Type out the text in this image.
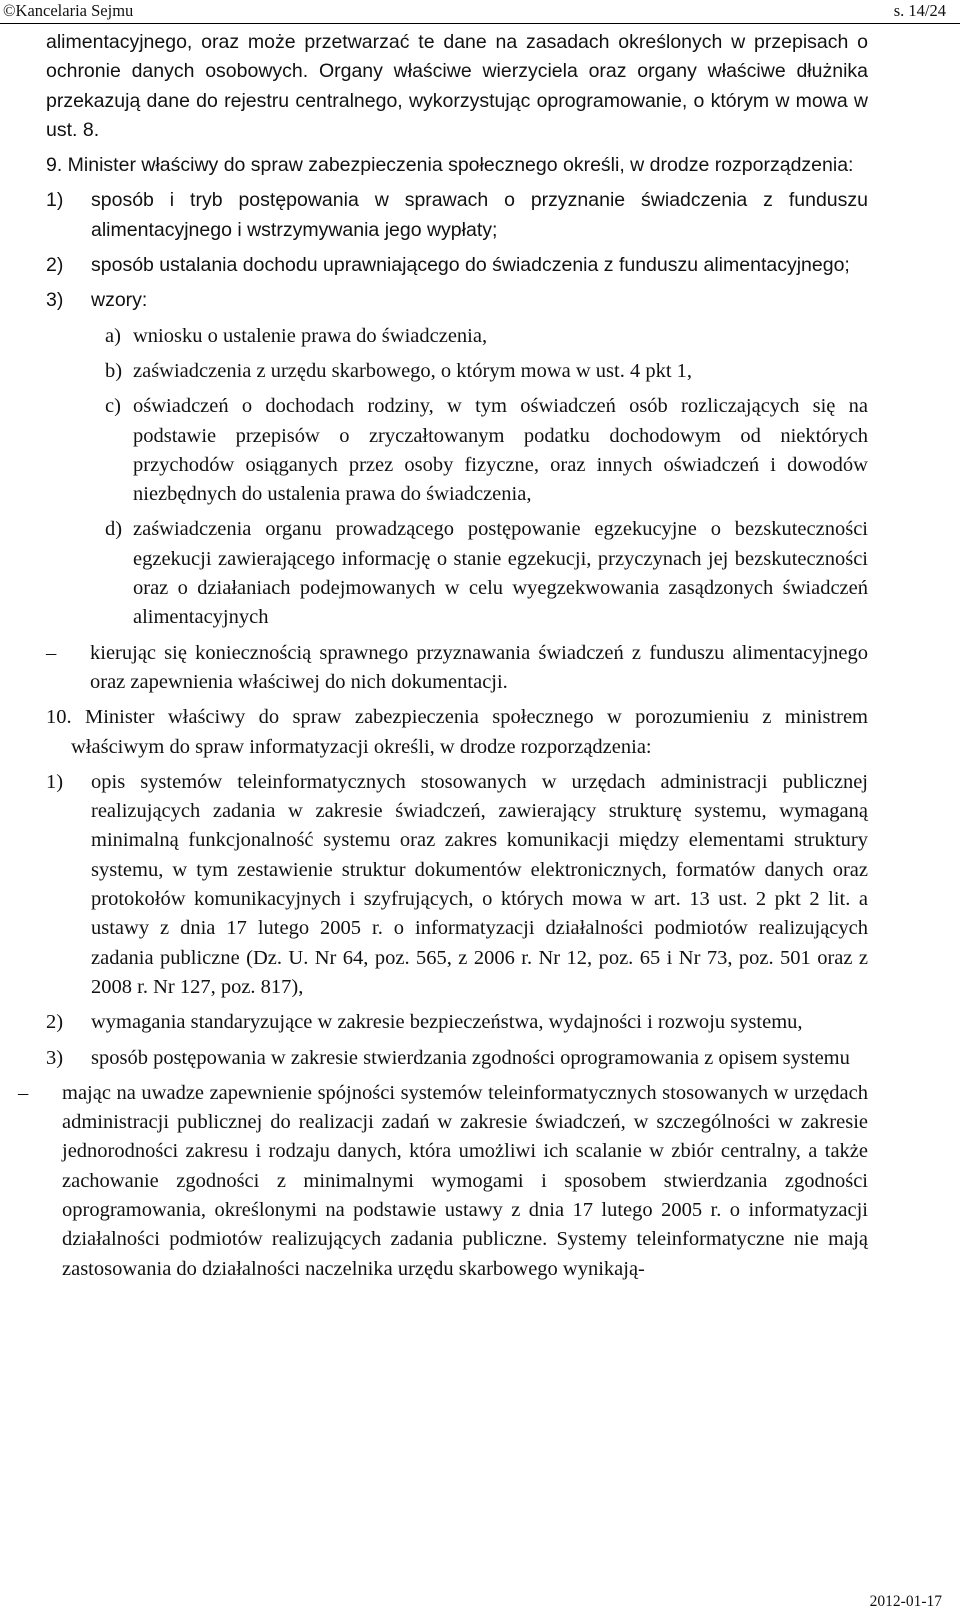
©Kancelaria Sejmu	s. 14/24

alimentacyjnego, oraz może przetwarzać te dane na zasadach określonych w przepisach o ochronie danych osobowych. Organy właściwe wierzyciela oraz organy właściwe dłużnika przekazują dane do rejestru centralnego, wykorzystując oprogramowanie, o którym w mowa w ust. 8.

9. Minister właściwy do spraw zabezpieczenia społecznego określi, w drodze rozporządzenia:

1) sposób i tryb postępowania w sprawach o przyznanie świadczenia z funduszu alimentacyjnego i wstrzymywania jego wypłaty;
2) sposób ustalania dochodu uprawniającego do świadczenia z funduszu alimentacyjnego;
3) wzory:
a) wniosku o ustalenie prawa do świadczenia,
b) zaświadczenia z urzędu skarbowego, o którym mowa w ust. 4 pkt 1,
c) oświadczeń o dochodach rodziny, w tym oświadczeń osób rozliczających się na podstawie przepisów o zryczałtowanym podatku dochodowym od niektórych przychodów osiąganych przez osoby fizyczne, oraz innych oświadczeń i dowodów niezbędnych do ustalenia prawa do świadczenia,
d) zaświadczenia organu prowadzącego postępowanie egzekucyjne o bezskuteczności egzekucji zawierającego informację o stanie egzekucji, przyczynach jej bezskuteczności oraz o działaniach podejmowanych w celu wyegzekwowania zasądzonych świadczeń alimentacyjnych
– kierując się koniecznością sprawnego przyznawania świadczeń z funduszu alimentacyjnego oraz zapewnienia właściwej do nich dokumentacji.

10. Minister właściwy do spraw zabezpieczenia społecznego w porozumieniu z ministrem właściwym do spraw informatyzacji określi, w drodze rozporządzenia:

1) opis systemów teleinformatycznych stosowanych w urzędach administracji publicznej realizujących zadania w zakresie świadczeń, zawierający strukturę systemu, wymaganą minimalną funkcjonalność systemu oraz zakres komunikacji między elementami struktury systemu, w tym zestawienie struktur dokumentów elektronicznych, formatów danych oraz protokołów komunikacyjnych i szyfrujących, o których mowa w art. 13 ust. 2 pkt 2 lit. a ustawy z dnia 17 lutego 2005 r. o informatyzacji działalności podmiotów realizujących zadania publiczne (Dz. U. Nr 64, poz. 565, z 2006 r. Nr 12, poz. 65 i Nr 73, poz. 501 oraz z 2008 r. Nr 127, poz. 817),
2) wymagania standaryzujące w zakresie bezpieczeństwa, wydajności i rozwoju systemu,
3) sposób postępowania w zakresie stwierdzania zgodności oprogramowania z opisem systemu
– mając na uwadze zapewnienie spójności systemów teleinformatycznych stosowanych w urzędach administracji publicznej do realizacji zadań w zakresie świadczeń, w szczególności w zakresie jednorodności zakresu i rodzaju danych, która umożliwi ich scalanie w zbiór centralny, a także zachowanie zgodności z minimalnymi wymogami i sposobem stwierdzania zgodności oprogramowania, określonymi na podstawie ustawy z dnia 17 lutego 2005 r. o informatyzacji działalności podmiotów realizujących zadania publiczne. Systemy teleinformatyczne nie mają zastosowania do działalności naczelnika urzędu skarbowego wynikają-
2012-01-17
